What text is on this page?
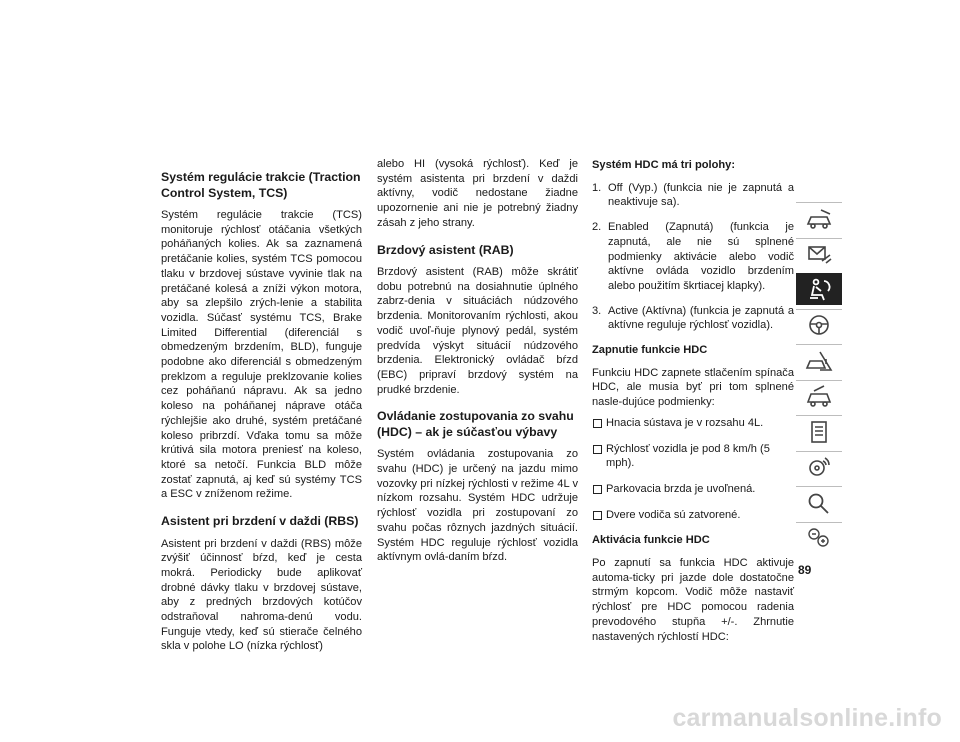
Systém regulácie trakcie (Traction Control System, TCS)

Systém regulácie trakcie (TCS) monitoruje rýchlosť otáčania všetkých poháňaných kolies. Ak sa zaznamená pretáčanie kolies, systém TCS pomocou tlaku v brzdovej sústave vyvinie tlak na pretáčané kolesá a zníži výkon motora, aby sa zlepšilo zrých-lenie a stabilita vozidla. Súčasť systému TCS, Brake Limited Differential (diferenciál s obmedzeným brzdením, BLD), funguje podobne ako diferenciál s obmedzeným preklzom a reguluje preklzovanie kolies cez poháňanú nápravu. Ak sa jedno koleso na poháňanej náprave otáča rýchlejšie ako druhé, systém pretáčané koleso pribrzdí. Vďaka tomu sa môže krútivá sila motora preniesť na koleso, ktoré sa netočí. Funkcia BLD môže zostať zapnutá, aj keď sú systémy TCS a ESC v zníženom režime.

Asistent pri brzdení v daždi (RBS)

Asistent pri brzdení v daždi (RBS) môže zvýšiť účinnosť bŕzd, keď je cesta mokrá. Periodicky bude aplikovať drobné dávky tlaku v brzdovej sústave, aby z predných brzdových kotúčov odstraňoval nahroma-denú vodu. Funguje vtedy, keď sú stierače čelného skla v polohe LO (nízka rýchlosť)

alebo HI (vysoká rýchlosť). Keď je systém asistenta pri brzdení v daždi aktívny, vodič nedostane žiadne upozornenie ani nie je potrebný žiadny zásah z jeho strany.

Brzdový asistent (RAB)

Brzdový asistent (RAB) môže skrátiť dobu potrebnú na dosiahnutie úplného zabrz-denia v situáciách núdzového brzdenia. Monitorovaním rýchlosti, akou vodič uvoľ-ňuje plynový pedál, systém predvída výskyt situácií núdzového brzdenia. Elektronický ovládač bŕzd (EBC) pripraví brzdový systém na prudké brzdenie.

Ovládanie zostupovania zo svahu (HDC) – ak je súčasťou výbavy

Systém ovládania zostupovania zo svahu (HDC) je určený na jazdu mimo vozovky pri nízkej rýchlosti v režime 4L v nízkom rozsahu. Systém HDC udržuje rýchlosť vozidla pri zostupovaní zo svahu počas rôznych jazdných situácií. Systém HDC reguluje rýchlosť vozidla aktívnym ovlá-daním bŕzd.

Systém HDC má tri polohy:
1. Off (Vyp.) (funkcia nie je zapnutá a neaktivuje sa).
2. Enabled (Zapnutá) (funkcia je zapnutá, ale nie sú splnené podmienky aktivácie alebo vodič aktívne ovláda vozidlo brzdením alebo použitím škrtiacej klapky).
3. Active (Aktívna) (funkcia je zapnutá a aktívne reguluje rýchlosť vozidla).
Zapnutie funkcie HDC

Funkciu HDC zapnete stlačením spínača HDC, ale musia byť pri tom splnené nasle-dujúce podmienky:

Hnacia sústava je v rozsahu 4L.
Rýchlosť vozidla je pod 8 km/h (5 mph).
Parkovacia brzda je uvoľnená.
Dvere vodiča sú zatvorené.
Aktivácia funkcie HDC

Po zapnutí sa funkcia HDC aktivuje automa-ticky pri jazde dole dostatočne strmým kopcom. Vodič môže nastaviť rýchlosť pre HDC pomocou radenia prevodového stupňa +/-. Zhrnutie nastavených rýchlostí HDC:

89
carmanualsonline.info
